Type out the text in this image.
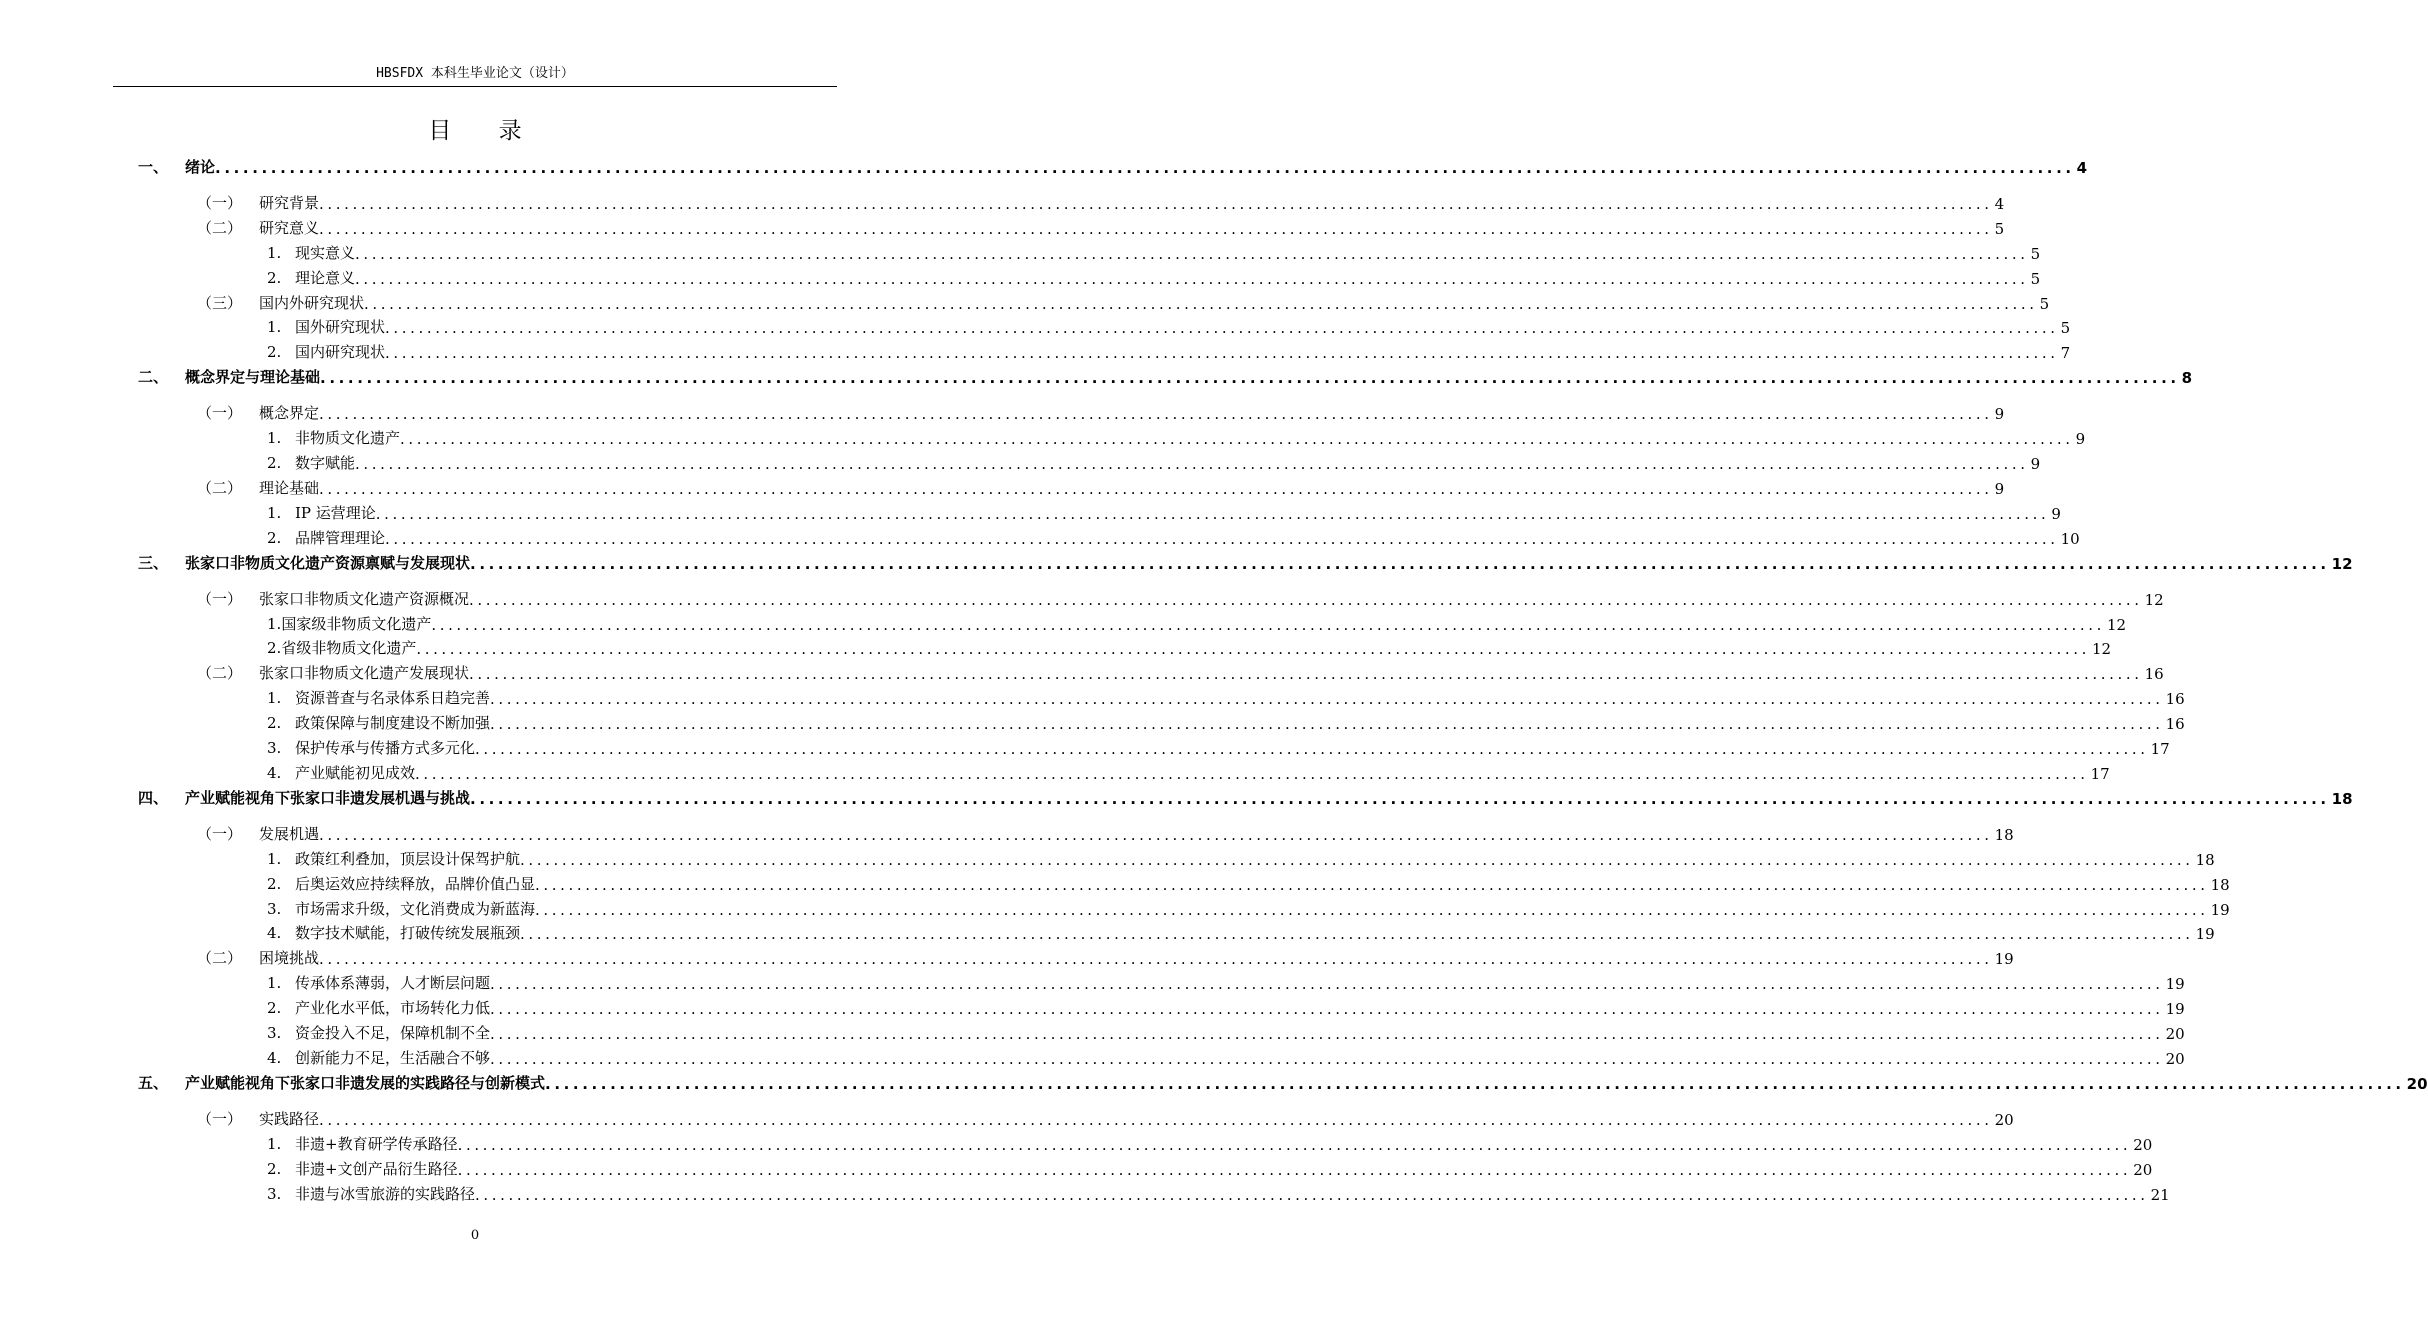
HBSFDX 本科生毕业论文（设计）
目 录
一、 绪论 ........................................................................................................................................................................................................ 4
（一） 研究背景 ........................................................................................................................................................................................................ 4
（二） 研究意义 ........................................................................................................................................................................................................ 5
1. 现实意义 ........................................................................................................................................................................................................ 5
2. 理论意义 ........................................................................................................................................................................................................ 5
（三） 国内外研究现状 ........................................................................................................................................................................................................ 5
1. 国外研究现状 ........................................................................................................................................................................................................ 5
2. 国内研究现状 ........................................................................................................................................................................................................ 7
二、 概念界定与理论基础 ........................................................................................................................................................................................................ 8
（一） 概念界定 ........................................................................................................................................................................................................ 9
1. 非物质文化遗产 ........................................................................................................................................................................................................ 9
2. 数字赋能 ........................................................................................................................................................................................................ 9
（二） 理论基础 ........................................................................................................................................................................................................ 9
1. IP 运营理论 ........................................................................................................................................................................................................ 9
2. 品牌管理理论 ........................................................................................................................................................................................................ 10
三、 张家口非物质文化遗产资源禀赋与发展现状 ........................................................................................................................................................................................................ 12
（一） 张家口非物质文化遗产资源概况 ........................................................................................................................................................................................................ 12
1.国家级非物质文化遗产 ........................................................................................................................................................................................................ 12
2.省级非物质文化遗产 ........................................................................................................................................................................................................ 12
（二） 张家口非物质文化遗产发展现状 ........................................................................................................................................................................................................ 16
1. 资源普查与名录体系日趋完善 ........................................................................................................................................................................................................ 16
2. 政策保障与制度建设不断加强 ........................................................................................................................................................................................................ 16
3. 保护传承与传播方式多元化 ........................................................................................................................................................................................................ 17
4. 产业赋能初见成效 ........................................................................................................................................................................................................ 17
四、 产业赋能视角下张家口非遗发展机遇与挑战 ........................................................................................................................................................................................................ 18
（一） 发展机遇 ........................................................................................................................................................................................................ 18
1. 政策红利叠加，顶层设计保驾护航 ........................................................................................................................................................................................................ 18
2. 后奥运效应持续释放，品牌价值凸显 ........................................................................................................................................................................................................ 18
3. 市场需求升级，文化消费成为新蓝海 ........................................................................................................................................................................................................ 19
4. 数字技术赋能，打破传统发展瓶颈 ........................................................................................................................................................................................................ 19
（二） 困境挑战 ........................................................................................................................................................................................................ 19
1. 传承体系薄弱，人才断层问题 ........................................................................................................................................................................................................ 19
2. 产业化水平低，市场转化力低 ........................................................................................................................................................................................................ 19
3. 资金投入不足，保障机制不全 ........................................................................................................................................................................................................ 20
4. 创新能力不足，生活融合不够 ........................................................................................................................................................................................................ 20
五、 产业赋能视角下张家口非遗发展的实践路径与创新模式 ........................................................................................................................................................................................................ 20
（一） 实践路径 ........................................................................................................................................................................................................ 20
1. 非遗+教育研学传承路径 ........................................................................................................................................................................................................ 20
2. 非遗+文创产品衍生路径 ........................................................................................................................................................................................................ 20
3. 非遗与冰雪旅游的实践路径 ........................................................................................................................................................................................................ 21
0
